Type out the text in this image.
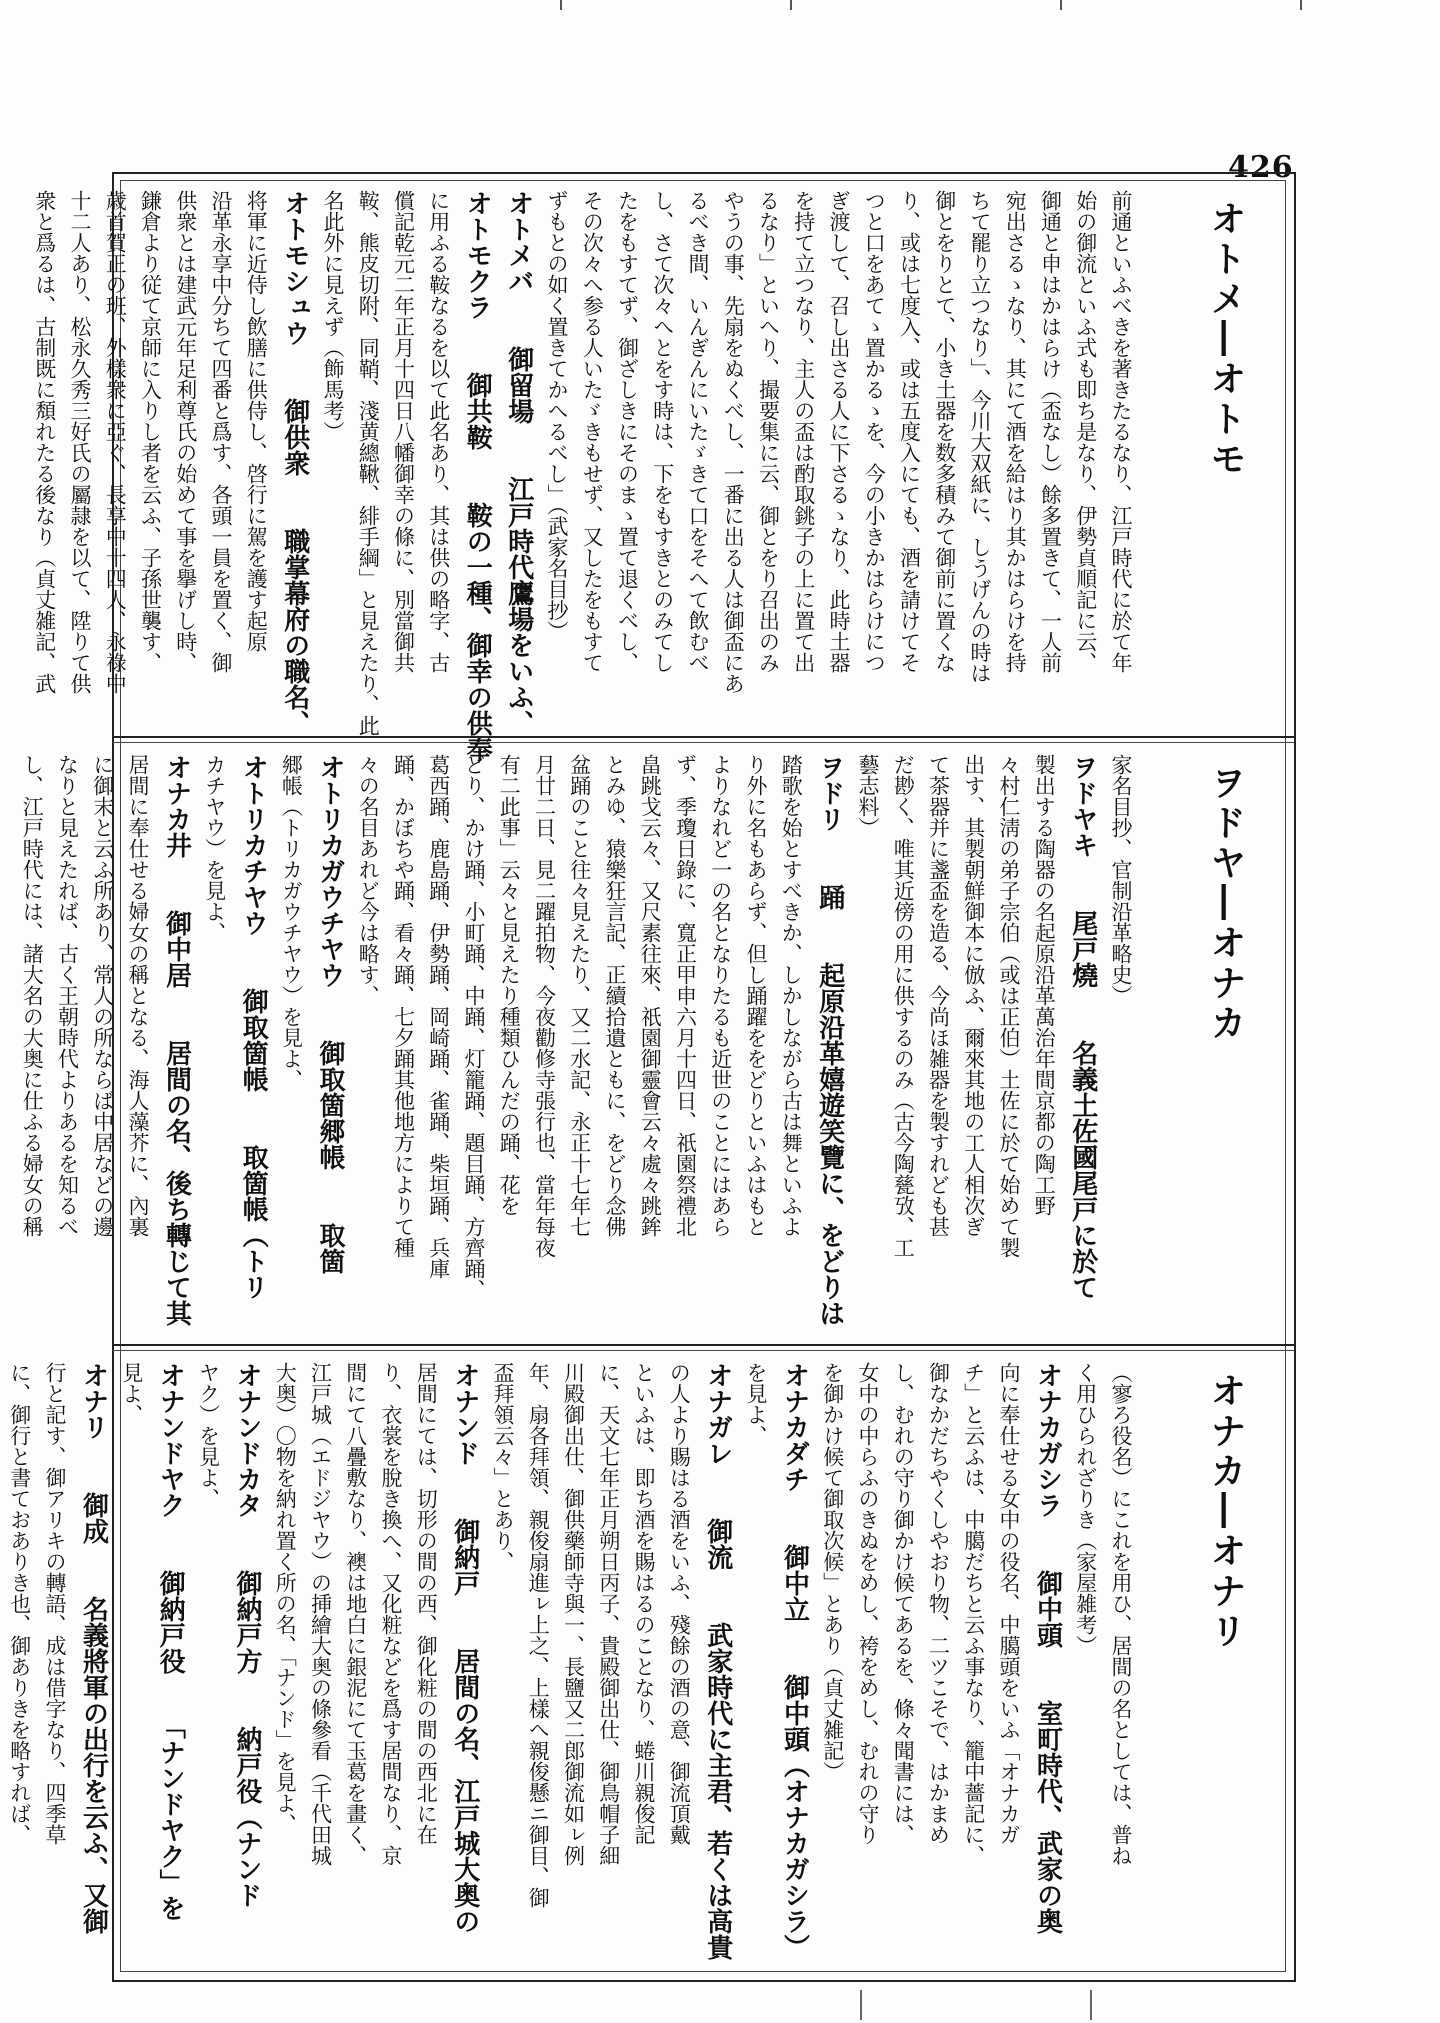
426
前通といふべきを著きたるなり、江戸時代に於て年
始の御流といふ式も即ち是なり、伊勢貞順記に云、
御通と申はかはらけ（盃なし）餘多置きて、一人前
宛出さるゝなり、其にて酒を給はり其かはらけを持
ちて罷り立つなり」、今川大双紙に、しうげんの時は
御とをりとて、小き土器を数多積みて御前に置くな
り、或は七度入、或は五度入にても、酒を請けてそ
つと口をあてゝ置かるゝを、今の小きかはらけにつ
ぎ渡して、召し出さる人に下さるゝなり、此時土器
を持て立つなり、主人の盃は酌取銚子の上に置て出
るなり」といへり、撮要集に云、御とをり召出のみ
やうの事、先扇をぬくべし、一番に出る人は御盃にあ
るべき間、いんぎんにいたゞきて口をそへて飲むべ
し、さて次々へとをす時は、下をもすきとのみてし
たをもすてず、御ざしきにそのまゝ置て退くべし、
その次々へ参る人いたゞきもせず、又したをもすて
ずもとの如く置きてかへるべし」（武家名目抄）
オトメバ　　御留場　　江戸時代鷹場をいふ、
オトモクラ　　御共鞍　　鞍の一種、御幸の供奉
に用ふる鞍なるを以て此名あり、其は供の略字、古
償記乾元二年正月十四日八幡御幸の條に、別當御共
鞍、熊皮切附、同鞘、淺黄總鞦、緋手綱」と見えたり、此
名此外に見えず（飾馬考）
オトモシュウ　　御供衆　　職掌幕府の職名、
将軍に近侍し飲膳に供侍し、啓行に駕を護す起原
沿革永享中分ちて四番と爲す、各頭一員を置く、御
供衆とは建武元年足利尊氏の始めて事を擧げし時、
鎌倉より従て京師に入りし者を云ふ、子孫世襲す、
歳首賀正の班、外樣衆に亞ぐ、長享中十四人、永祿中
十二人あり、松永久秀三好氏の屬隷を以て、陞りて供
衆と爲るは、古制既に頽れたる後なり（貞丈雑記、武	オトメ―オトモ
家名目抄、官制沿革略史）
ヲドヤキ　　尾戸燒　　名義土佐國尾戸に於て
製出する陶器の名起原沿革萬治年間京都の陶工野
々村仁淸の弟子宗伯（或は正伯）土佐に於て始めて製
出す、其製朝鮮御本に倣ふ、爾來其地の工人相次ぎ
て茶器并に盞盃を造る、今尚ほ雑器を製すれども甚
だ尠く、唯其近傍の用に供するのみ（古今陶甆攷、工
藝志料）
ヲドリ　　踊　　起原沿革嬉遊笑覽に、をどりは
踏歌を始とすべきか、しかしながら古は舞といふよ
り外に名もあらず、但し踊躍ををどりといふはもと
よりなれど一の名となりたるも近世のことにはあら
ず、季瓊日錄に、寬正甲申六月十四日、祇園祭禮北
畠跳戈云々、又尺素往來、祇園御靈會云々處々跳鉾
とみゆ、猿樂狂言記、正續拾遺ともに、をどり念佛
盆踊のこと往々見えたり、又二水記、永正十七年七
月廿二日、見二躍拍物、今夜勸修寺張行也、當年每夜
有二此事」云々と見えたり種類ひんだの踊、花を
どり、かけ踊、小町踊、中踊、灯籠踊、題目踊、方齊踊、
葛西踊、鹿島踊、伊勢踊、岡崎踊、雀踊、柴垣踊、兵庫
踊、かぼちや踊、看々踊、七夕踊其他地方によりて種
々の名目あれど今は略す、
オトリカガウチヤウ　　御取箇郷帳　　取箇
郷帳（トリカガウチヤウ）を見よ、
オトリカチヤウ　　御取箇帳　　取箇帳（トリ
カチヤウ）を見よ、
オナカ井　　御中居　　居間の名、後ち轉じて其
居間に奉仕せる婦女の稱となる、海人藻芥に、內裏
に御末と云ふ所あり、常人の所ならば中居などの邊
なりと見えたれば、古く王朝時代よりあるを知るべ
し、江戸時代には、諸大名の大奥に仕ふる婦女の稱	ヲドヤ―オナカ
（寥ろ役名）にこれを用ひ、居間の名としては、普ね
く用ひられざりき（家屋雑考）
オナカガシラ　　御中頭　　室町時代、武家の奥
向に奉仕せる女中の役名、中臈頭をいふ「オナカガ
チ」と云ふは、中臈だちと云ふ事なり、籠中薔記に、
御なかだちやくしやおり物、二ツこそで、はかまめ
し、むれの守り御かけ候てあるを、條々聞書には、
女中の中らふのきぬをめし、袴をめし、むれの守り
を御かけ候て御取次候」とあり（貞丈雑記）
オナカダチ　　御中立　　御中頭（オナカガシラ）
を見よ、
オナガレ　　御流　　武家時代に主君、若くは高貴
の人より賜はる酒をいふ、殘餘の酒の意、御流頂戴
といふは、即ち酒を賜はるのことなり、蜷川親俊記
に、天文七年正月朔日丙子、貴殿御出仕、御鳥帽子細
川殿御出仕、御供藥師寺與一、長鹽又二郎御流如ㇾ例
年、扇各拜領、親俊扇進ㇾ上之、上樣へ親俊懸ニ御目、御
盃拜領云々」とあり、
オナンド　　御納戸　　居間の名、江戸城大奥の
居間にては、切形の間の西、御化粧の間の西北に在
り、衣裳を脫き換へ、又化粧などを爲す居間なり、京
間にて八疊敷なり、襖は地白に銀泥にて玉葛を畫く、
江戸城（エドジヤウ）の挿繪大奥の條參看（千代田城
大奥）〇物を納れ置く所の名、「ナンド」を見よ、
オナンドカタ　　御納戸方　　納戸役（ナンド
ヤク）を見よ、
オナンドヤク　　御納戸役　　「ナンドヤク」を
見よ、
オナリ　　御成　　名義將軍の出行を云ふ、又御
行と記す、御アリキの轉語、成は借字なり、四季草
に、御行と書ておありき也、御ありきを略すれば、	オナカ―オナリ
